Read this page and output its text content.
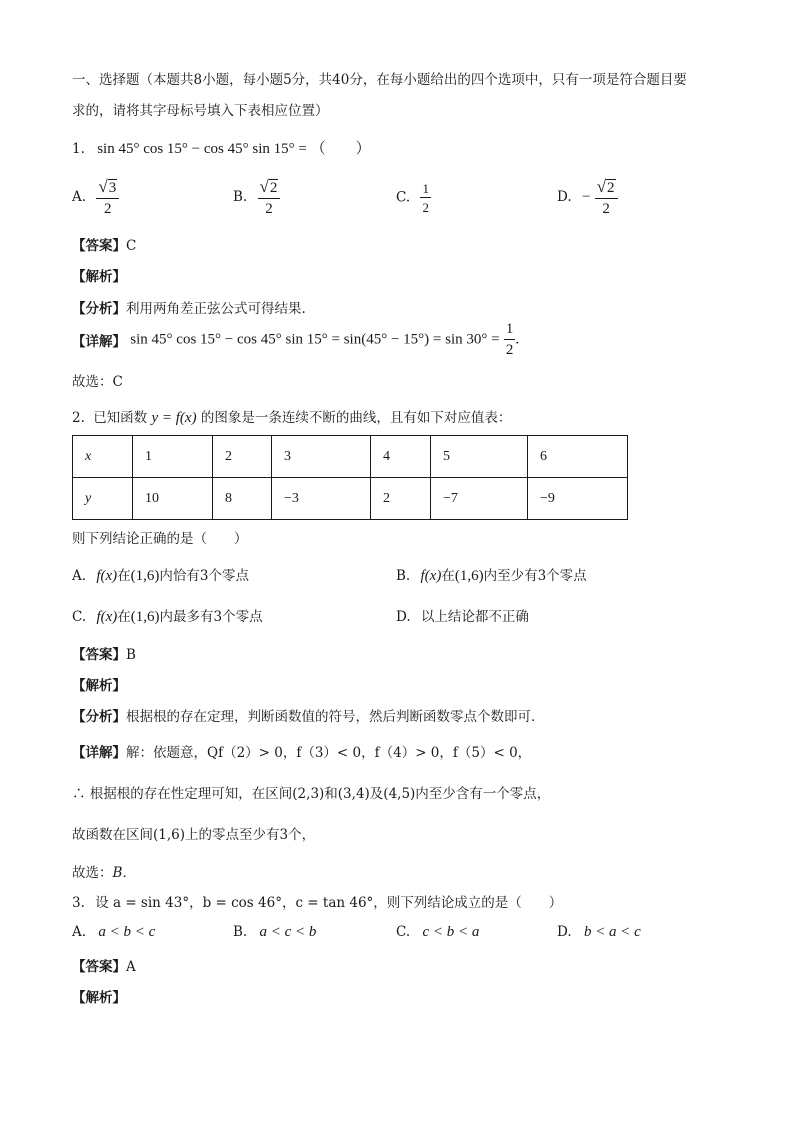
一、选择题（本题共8小题，每小题5分，共40分，在每小题给出的四个选项中，只有一项是符合题目要
求的，请将其字母标号填入下表相应位置）
1. sin 45° cos 15° − cos 45° sin 15° = （　　）
A. $\frac{√3}{2}$	B. $\frac{√2}{2}$	C. $\frac{1}{2}$	D. − $\frac{√2}{2}$
【答案】C
【解析】
【分析】利用两角差正弦公式可得结果.
【详解】 sin 45° cos 15° − cos 45° $\sin 15^\circ = \sin(45^\circ - 15^\circ) = \sin 30^\circ = \frac{1}{2}$ .
故选：C
2. 已知函数 y = f(x) 的图象是一条连续不断的曲线，且有如下对应值表：
x	1	2	3	4	5	6
y	10	8	−3	2	−7	−9
则下列结论正确的是（　　）
A. f(x)在(1,6)内恰有3个零点	B. f(x)在(1,6)内至少有3个零点
C. f(x)在(1,6)内最多有3个零点	D. 以上结论都不正确
【答案】B
【解析】
【分析】根据根的存在定理，判断函数值的符号，然后判断函数零点个数即可．
【详解】解：依题意，Qf（2）> 0，f（3）< 0，f（4）> 0，f（5）< 0，
∴ 根据根的存在性定理可知，在区间(2,3)和(3,4)及(4,5)内至少含有一个零点，
故函数在区间(1,6)上的零点至少有3个，
故选：B．
3. 设 a = sin 43°，b = cos 46°，c = tan 46°，则下列结论成立的是（　　）
A. a < b < c	B. a < c < b	C. c < b < a	D. b < a < c
【答案】A
【解析】
